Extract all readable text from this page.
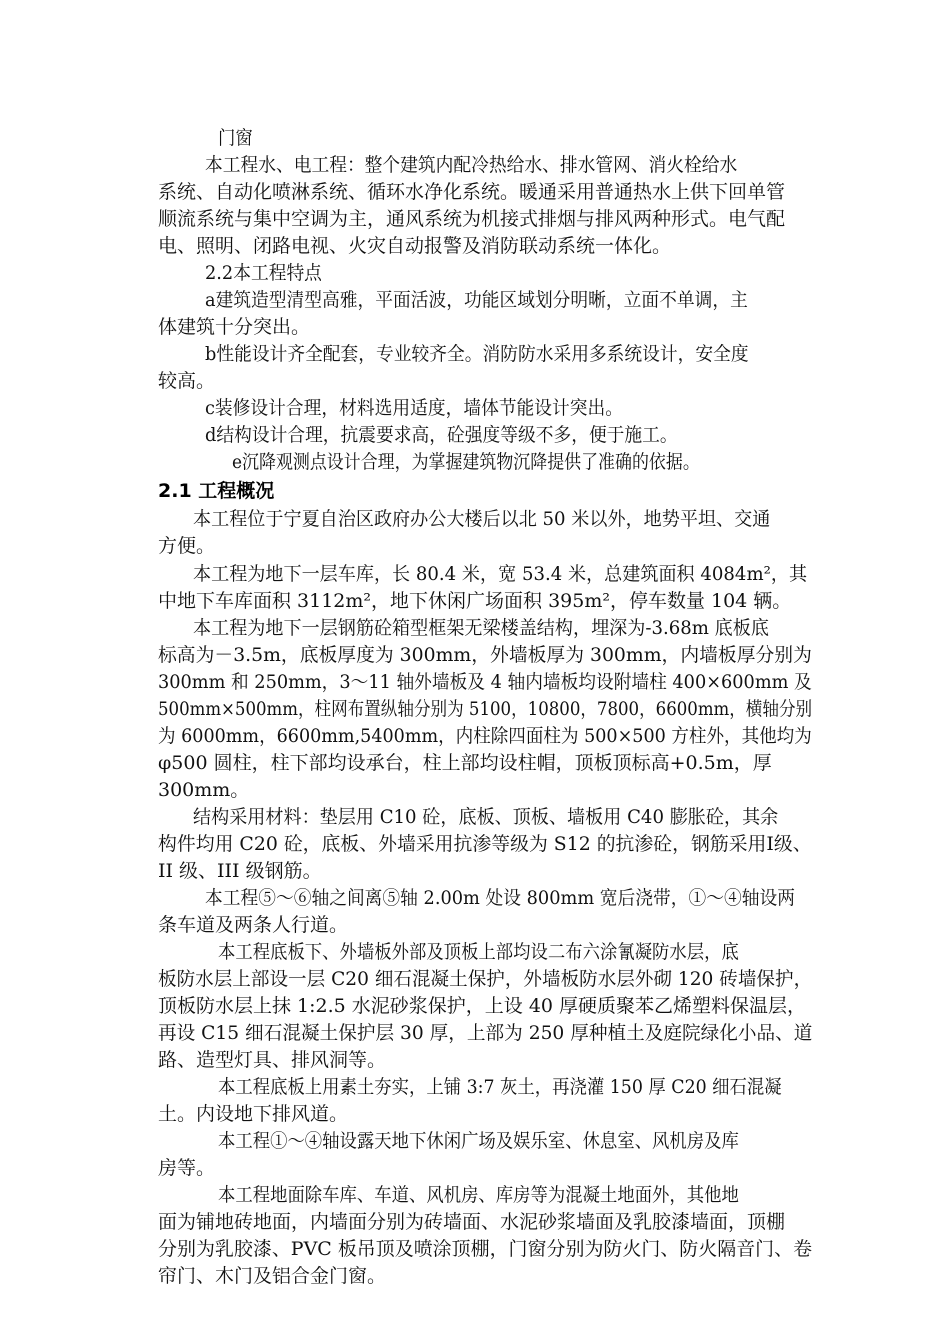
门窗
本工程水、电工程：整个建筑内配冷热给水、排水管网、消火栓给水
系统、自动化喷淋系统、循环水净化系统。暖通采用普通热水上供下回单管
顺流系统与集中空调为主，通风系统为机接式排烟与排风两种形式。电气配
电、照明、闭路电视、火灾自动报警及消防联动系统一体化。
2.2本工程特点
a建筑造型清型高雅，平面活波，功能区域划分明晰，立面不单调，主
体建筑十分突出。
b性能设计齐全配套，专业较齐全。消防防水采用多系统设计，安全度
较高。
c装修设计合理，材料选用适度，墙体节能设计突出。
d结构设计合理，抗震要求高，砼强度等级不多，便于施工。
e沉降观测点设计合理，为掌握建筑物沉降提供了准确的依据。
2.1 工程概况
本工程位于宁夏自治区政府办公大楼后以北 50 米以外，地势平坦、交通
方便。
本工程为地下一层车库，长 80.4 米，宽 53.4 米，总建筑面积 4084m²，其
中地下车库面积 3112m²，地下休闲广场面积 395m²，停车数量 104 辆。
本工程为地下一层钢筋砼箱型框架无梁楼盖结构，埋深为-3.68m 底板底
标高为－3.5m，底板厚度为 300mm，外墙板厚为 300mm，内墙板厚分别为
300mm 和 250mm，3～11 轴外墙板及 4 轴内墙板均设附墙柱 400×600mm 及
500mm×500mm，柱网布置纵轴分别为 5100，10800，7800，6600mm，横轴分别
为 6000mm，6600mm,5400mm，内柱除四面柱为 500×500 方柱外，其他均为
φ500 圆柱，柱下部均设承台，柱上部均设柱帽，顶板顶标高+0.5m，厚
300mm。
结构采用材料：垫层用 C10 砼，底板、顶板、墙板用 C40 膨胀砼，其余
构件均用 C20 砼，底板、外墙采用抗渗等级为 S12 的抗渗砼，钢筋采用Ⅰ级、
II 级、III 级钢筋。
本工程⑤～⑥轴之间离⑤轴 2.00m 处设 800mm 宽后浇带，①～④轴设两
条车道及两条人行道。
本工程底板下、外墙板外部及顶板上部均设二布六涂氰凝防水层，底
板防水层上部设一层 C20 细石混凝土保护，外墙板防水层外砌 120 砖墙保护，
顶板防水层上抹 1:2.5 水泥砂浆保护，上设 40 厚硬质聚苯乙烯塑料保温层，
再设 C15 细石混凝土保护层 30 厚，上部为 250 厚种植土及庭院绿化小品、道
路、造型灯具、排风洞等。
本工程底板上用素土夯实，上铺 3:7 灰土，再浇灌 150 厚 C20 细石混凝
土。内设地下排风道。
本工程①～④轴设露天地下休闲广场及娱乐室、休息室、风机房及库
房等。
本工程地面除车库、车道、风机房、库房等为混凝土地面外，其他地
面为铺地砖地面，内墙面分别为砖墙面、水泥砂浆墙面及乳胶漆墙面，顶棚
分别为乳胶漆、PVC 板吊顶及喷涂顶棚，门窗分别为防火门、防火隔音门、卷
帘门、木门及铝合金门窗。
